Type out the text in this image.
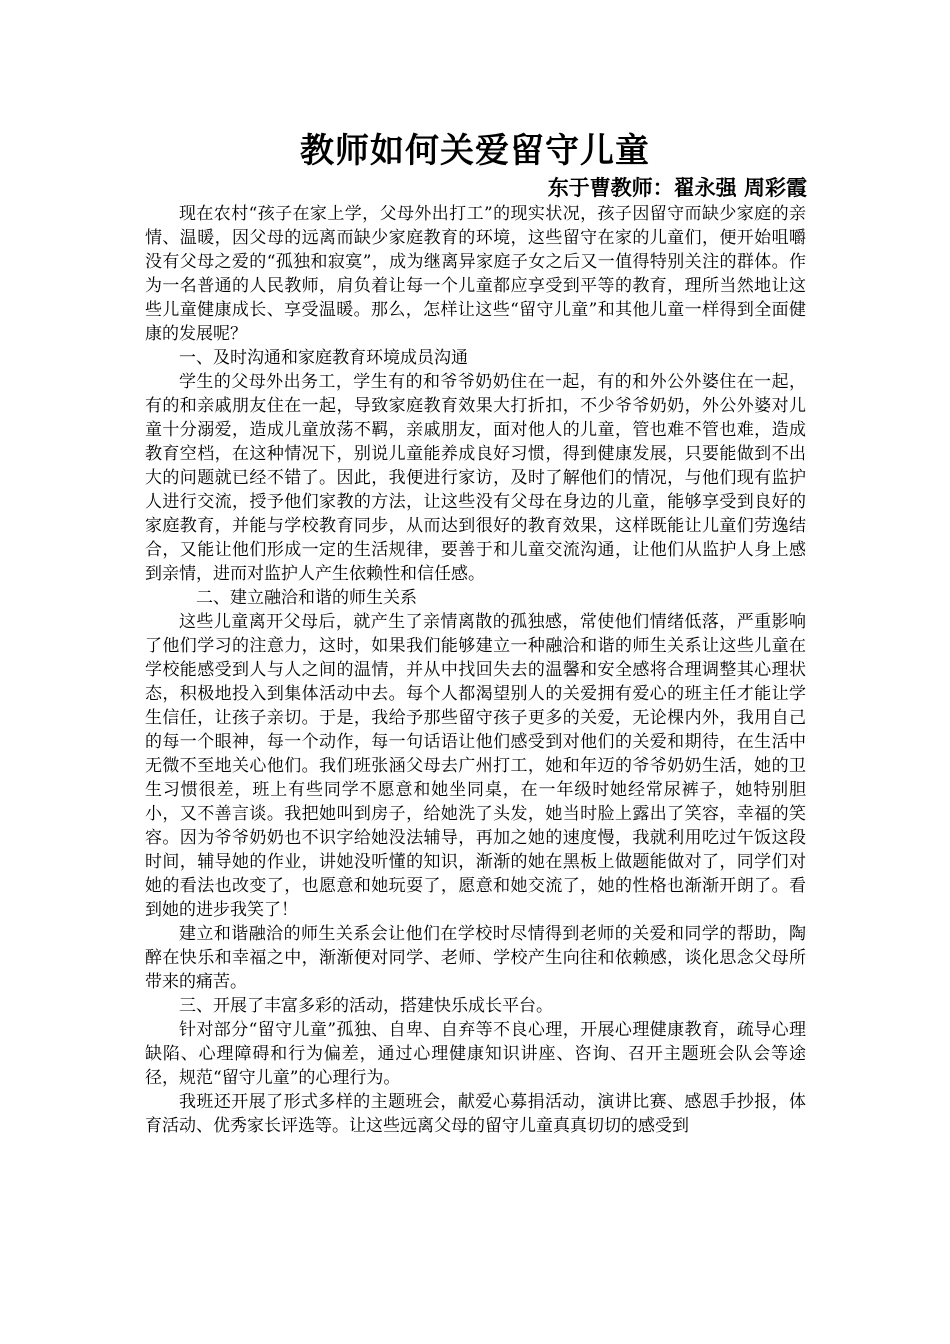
教师如何关爱留守儿童
东于曹教师：翟永强 周彩霞

现在农村“孩子在家上学，父母外出打工”的现实状况，孩子因留守而缺少家庭的亲情、温暖，因父母的远离而缺少家庭教育的环境，这些留守在家的儿童们，便开始咀嚼没有父母之爱的“孤独和寂寞”，成为继离异家庭子女之后又一值得特别关注的群体。作为一名普通的人民教师，肩负着让每一个儿童都应享受到平等的教育，理所当然地让这些儿童健康成长、享受温暖。那么，怎样让这些“留守儿童”和其他儿童一样得到全面健康的发展呢？

一、及时沟通和家庭教育环境成员沟通

学生的父母外出务工，学生有的和爷爷奶奶住在一起，有的和外公外婆住在一起，有的和亲戚朋友住在一起，导致家庭教育效果大打折扣，不少爷爷奶奶，外公外婆对儿童十分溺爱，造成儿童放荡不羁，亲戚朋友，面对他人的儿童，管也难不管也难，造成教育空档，在这种情况下，别说儿童能养成良好习惯，得到健康发展，只要能做到不出大的问题就已经不错了。因此，我便进行家访，及时了解他们的情况，与他们现有监护人进行交流，授予他们家教的方法，让这些没有父母在身边的儿童，能够享受到良好的家庭教育，并能与学校教育同步，从而达到很好的教育效果，这样既能让儿童们劳逸结合，又能让他们形成一定的生活规律，要善于和儿童交流沟通，让他们从监护人身上感到亲情，进而对监护人产生依赖性和信任感。

二、建立融洽和谐的师生关系

这些儿童离开父母后，就产生了亲情离散的孤独感，常使他们情绪低落，严重影响了他们学习的注意力，这时，如果我们能够建立一种融洽和谐的师生关系让这些儿童在学校能感受到人与人之间的温情，并从中找回失去的温馨和安全感将合理调整其心理状态，积极地投入到集体活动中去。每个人都渴望别人的关爱拥有爱心的班主任才能让学生信任，让孩子亲切。于是，我给予那些留守孩子更多的关爱，无论棵内外，我用自己的每一个眼神，每一个动作，每一句话语让他们感受到对他们的关爱和期待，在生活中无微不至地关心他们。我们班张涵父母去广州打工，她和年迈的爷爷奶奶生活，她的卫生习惯很差，班上有些同学不愿意和她坐同桌，在一年级时她经常尿裤子，她特别胆小，又不善言谈。我把她叫到房子，给她洗了头发，她当时脸上露出了笑容，幸福的笑容。因为爷爷奶奶也不识字给她没法辅导，再加之她的速度慢，我就利用吃过午饭这段时间，辅导她的作业，讲她没听懂的知识，渐渐的她在黑板上做题能做对了，同学们对她的看法也改变了，也愿意和她玩耍了，愿意和她交流了，她的性格也渐渐开朗了。看到她的进步我笑了！

建立和谐融洽的师生关系会让他们在学校时尽情得到老师的关爱和同学的帮助，陶醉在快乐和幸福之中，渐渐便对同学、老师、学校产生向往和依赖感，谈化思念父母所带来的痛苦。

三、开展了丰富多彩的活动，搭建快乐成长平台。

针对部分“留守儿童”孤独、自卑、自弃等不良心理，开展心理健康教育，疏导心理缺陷、心理障碍和行为偏差，通过心理健康知识讲座、咨询、召开主题班会队会等途径，规范“留守儿童”的心理行为。

我班还开展了形式多样的主题班会，献爱心募捐活动，演讲比赛、感恩手抄报，体育活动、优秀家长评选等。让这些远离父母的留守儿童真真切切的感受到
